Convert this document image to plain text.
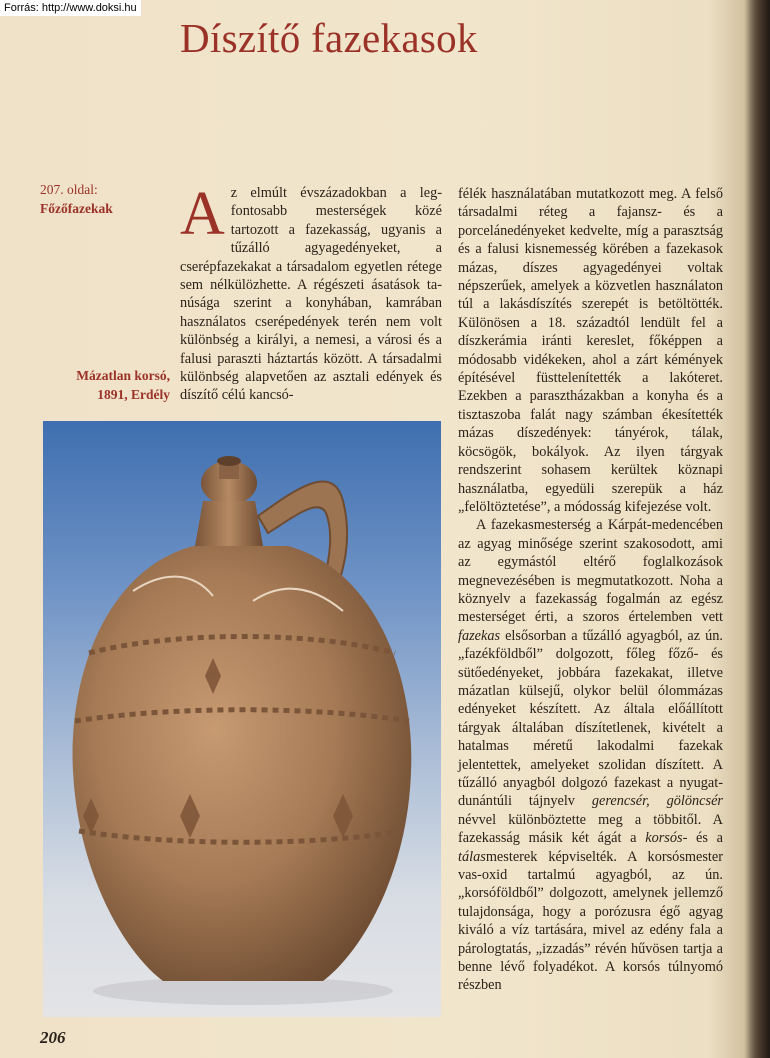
Forrás: http://www.doksi.hu
Díszítő fazekasok
207. oldal:
Főzőfazekak
Mázatlan korsó,
1891, Erdély

Az elmúlt évszázadokban a legfontosabb mesterségek közé tartozott a fazekasság, ugyanis a tűzálló agyagedényeket, a cserépfazekakat a társadalom egyetlen rétege sem nélkülözhette. A régészeti ásatások tanúsága szerint a konyhában, kamrában használatos cserépedények terén nem volt különbség a királyi, a nemesi, a városi és a falusi paraszti háztartás között. A társadalmi különbség alapvetően az asztali edények és díszítő célú kancsó-

félék használatában mutatkozott meg. A felső társadalmi réteg a fajansz- és a porcelánedényeket kedvelte, míg a parasztság és a falusi kisnemesség körében a fazekasok mázas, díszes agyagedényei voltak népszerűek, amelyek a közvetlen használaton túl a lakásdíszítés szerepét is betöltötték. Különösen a 18. századtól lendült fel a díszkerámia iránti kereslet, főképpen a módosabb vidékeken, ahol a zárt kémények építésével füsttelenítették a lakóteret. Ezekben a parasztházakban a konyha és a tisztaszoba falát nagy számban ékesítették mázas díszedények: tányérok, tálak, köcsögök, bokályok. Az ilyen tárgyak rendszerint sohasem kerültek köznapi használatba, egyedüli szerepük a ház „felöltöztetése”, a módosság kifejezése volt.

A fazekasmesterség a Kárpát-medencében az agyag minősége szerint szakosodott, ami az egymástól eltérő foglalkozások megnevezésében is megmutatkozott. Noha a köznyelv a fazekasság fogalmán az egész mesterséget érti, a szoros értelemben vett fazekas elsősorban a tűzálló agyagból, az ún. „fazékföldből” dolgozott, főleg főző- és sütőedényeket, jobbára fazekakat, illetve mázatlan külsejű, olykor belül ólommázas edényeket készített. Az általa előállított tárgyak általában díszítetlenek, kivételt a hatalmas méretű lakodalmi fazekak jelentettek, amelyeket szolidan díszített. A tűzálló anyagból dolgozó fazekast a nyugat-dunántúli tájnyelv gerencsér, gölöncsér névvel különböztette meg a többitől. A fazekasság másik két ágát a korsós- és a tálasmesterek képviselték. A korsósmester vas-oxid tartalmú agyagból, az ún. „korsóföldből” dolgozott, amelynek jellemző tulajdonsága, hogy a porózusra égő agyag kiváló a víz tartására, mivel az edény fala a párologtatás, „izzadás” révén hűvösen tartja a benne lévő folyadékot. A korsós túlnyomó részben

206
